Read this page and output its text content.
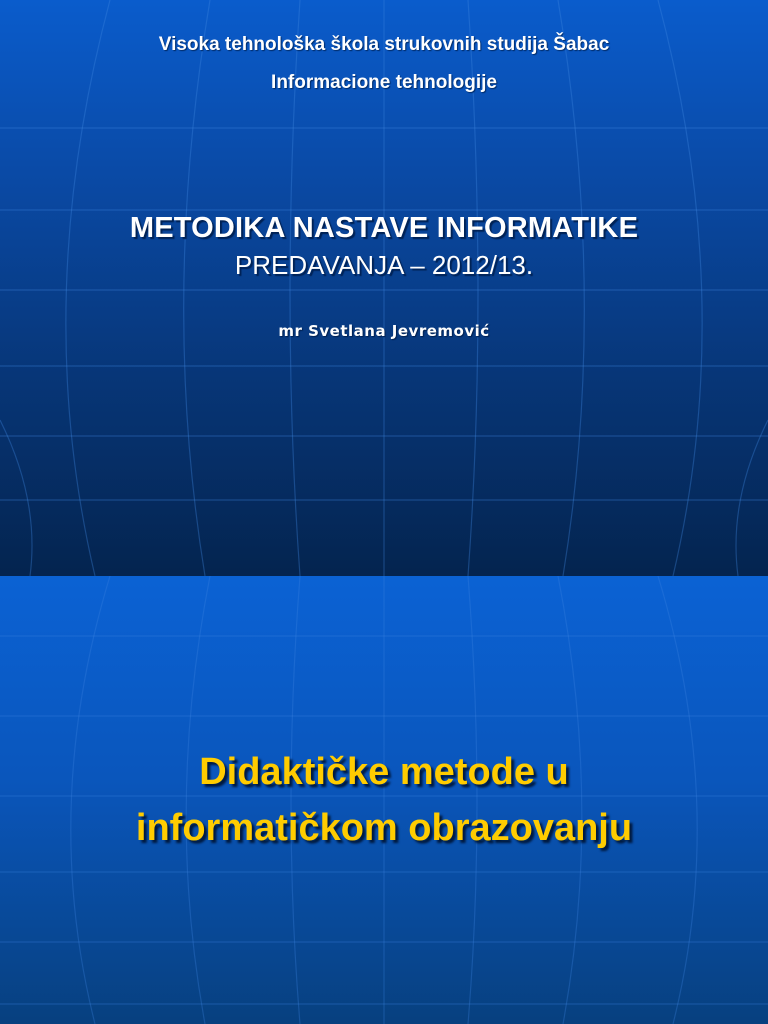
Visoka tehnološka škola strukovnih studija Šabac

Informacione tehnologije

METODIKA NASTAVE INFORMATIKE

PREDAVANJA – 2012/13.

mr Svetlana Jevremović

Didaktičke metode u
informatičkom obrazovanju
